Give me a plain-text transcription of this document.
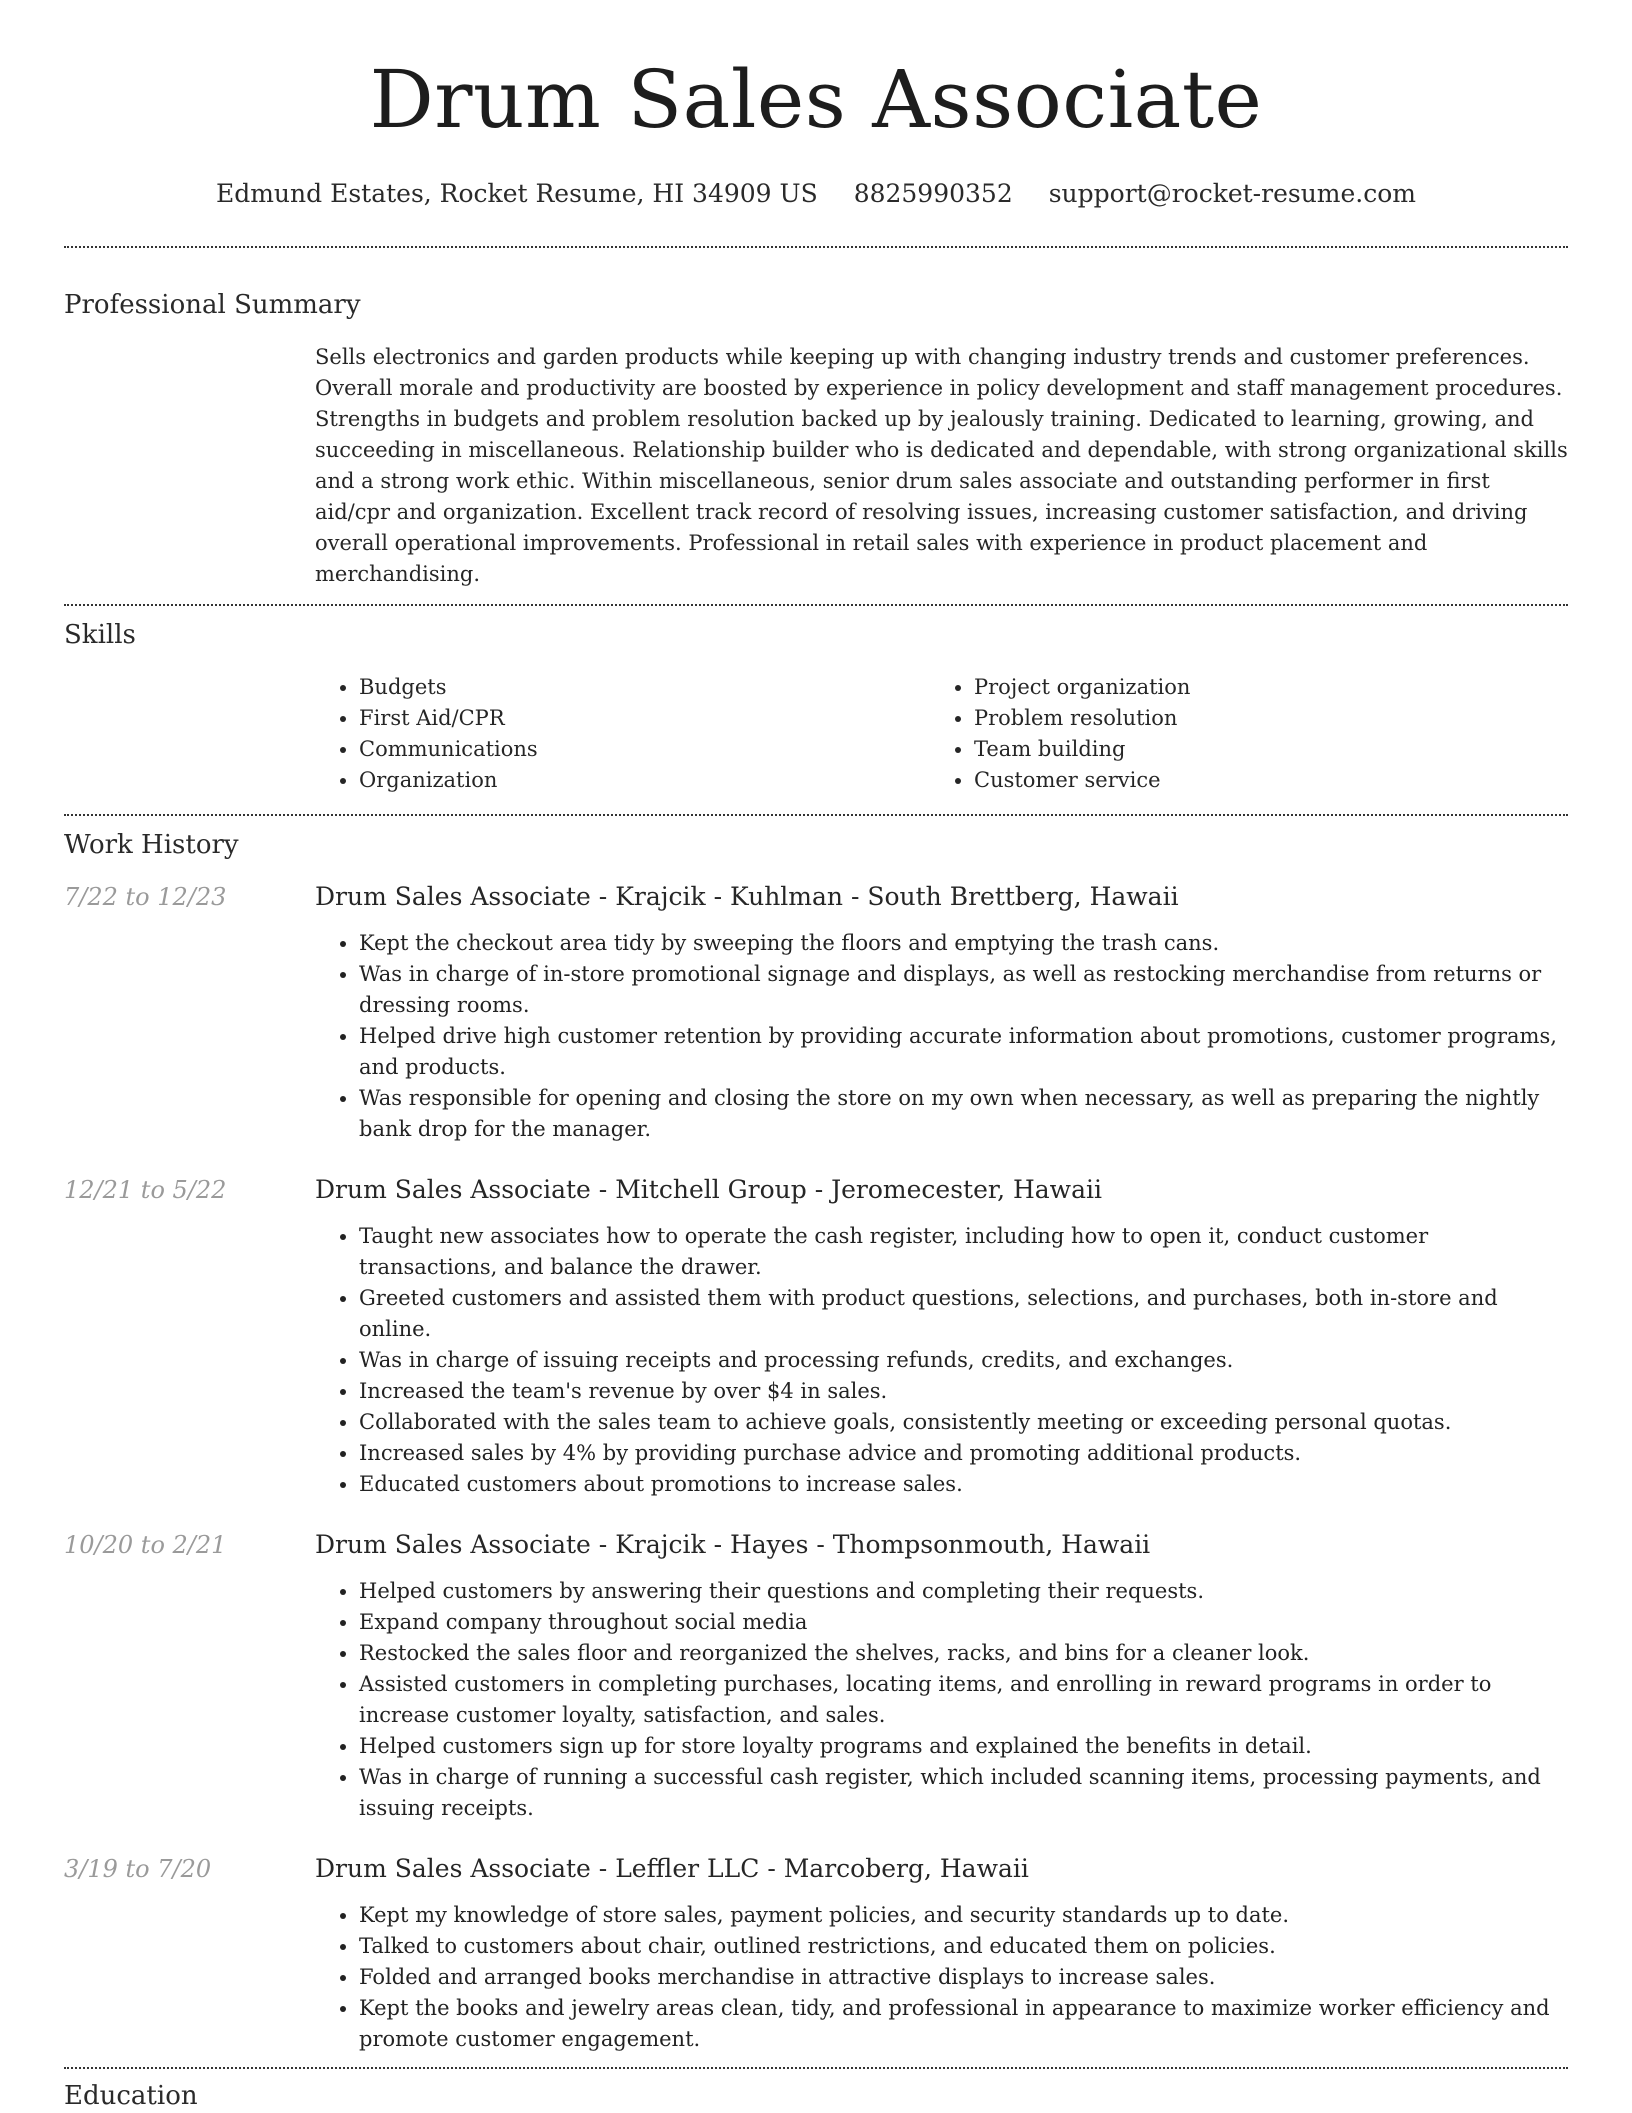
Drum Sales Associate
Edmund Estates, Rocket Resume, HI 34909 US 8825990352 support@rocket-resume.com
Professional Summary

Sells electronics and garden products while keeping up with changing industry trends and customer preferences. Overall morale and productivity are boosted by experience in policy development and staff management procedures. Strengths in budgets and problem resolution backed up by jealously training. Dedicated to learning, growing, and succeeding in miscellaneous. Relationship builder who is dedicated and dependable, with strong organizational skills and a strong work ethic. Within miscellaneous, senior drum sales associate and outstanding performer in first aid/cpr and organization. Excellent track record of resolving issues, increasing customer satisfaction, and driving overall operational improvements. Professional in retail sales with experience in product placement and merchandising.

Skills
• Budgets
• First Aid/CPR
• Communications
• Organization
• Project organization
• Problem resolution
• Team building
• Customer service
Work History
7/22 to 12/23	Drum Sales Associate - Krajcik - Kuhlman - South Brettberg, Hawaii
• Kept the checkout area tidy by sweeping the floors and emptying the trash cans.
• Was in charge of in-store promotional signage and displays, as well as restocking merchandise from returns or dressing rooms.
• Helped drive high customer retention by providing accurate information about promotions, customer programs, and products.
• Was responsible for opening and closing the store on my own when necessary, as well as preparing the nightly bank drop for the manager.
12/21 to 5/22	Drum Sales Associate - Mitchell Group - Jeromecester, Hawaii
• Taught new associates how to operate the cash register, including how to open it, conduct customer transactions, and balance the drawer.
• Greeted customers and assisted them with product questions, selections, and purchases, both in-store and online.
• Was in charge of issuing receipts and processing refunds, credits, and exchanges.
• Increased the team's revenue by over $4 in sales.
• Collaborated with the sales team to achieve goals, consistently meeting or exceeding personal quotas.
• Increased sales by 4% by providing purchase advice and promoting additional products.
• Educated customers about promotions to increase sales.
10/20 to 2/21	Drum Sales Associate - Krajcik - Hayes - Thompsonmouth, Hawaii
• Helped customers by answering their questions and completing their requests.
• Expand company throughout social media
• Restocked the sales floor and reorganized the shelves, racks, and bins for a cleaner look.
• Assisted customers in completing purchases, locating items, and enrolling in reward programs in order to increase customer loyalty, satisfaction, and sales.
• Helped customers sign up for store loyalty programs and explained the benefits in detail.
• Was in charge of running a successful cash register, which included scanning items, processing payments, and issuing receipts.
3/19 to 7/20	Drum Sales Associate - Leffler LLC - Marcoberg, Hawaii
• Kept my knowledge of store sales, payment policies, and security standards up to date.
• Talked to customers about chair, outlined restrictions, and educated them on policies.
• Folded and arranged books merchandise in attractive displays to increase sales.
• Kept the books and jewelry areas clean, tidy, and professional in appearance to maximize worker efficiency and promote customer engagement.
Education
